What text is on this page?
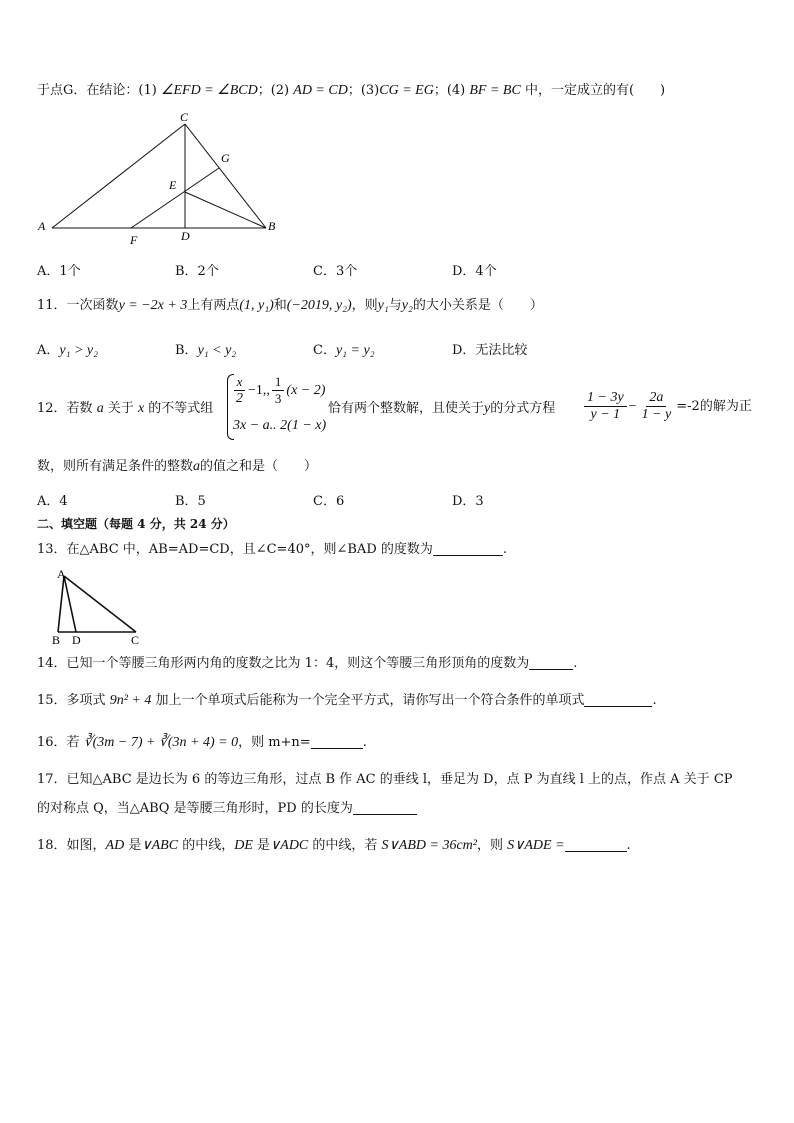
于点G．在结论：(1) ∠EFD = ∠BCD；(2) AD = CD；(3)CG = EG；(4) BF = BC 中，一定成立的有(　　)
A
C
G
E
B
F	D
A．1个	B．2个	C．3个	D．4个
11．一次函数y = −2x + 3上有两点(1, y₁)和(−2019, y₂)，则y₁与y₂的大小关系是（　　）
A．y₁ > y₂	B．y₁ < y₂	C．y₁ = y₂	D．无法比较
12．若数 a 关于 x 的不等式组
$\frac{x}{2} -1$,, $\frac{1}{3} (x - 2)$
3x − a.. 2(1 − x)
恰有两个整数解，且使关于y的分式方程 $\frac{1 - 3y}{y - 1} - \frac{2a}{1 - y} =-2$的解为正
数，则所有满足条件的整数a的值之和是（　　）
A．4	B．5	C．6	D．3
二、填空题（每题 4 分，共 24 分）
13．在△ABC 中，AB=AD=CD，且∠C=40°，则∠BAD 的度数为	.
A
B D	C
14．已知一个等腰三角形两内角的度数之比为 1：4，则这个等腰三角形顶角的度数为	.
15．多项式 9n² + 4 加上一个单项式后能称为一个完全平方式，请你写出一个符合条件的单项式	.
16．若 ∛(3m − 7) + ∛(3n + 4) = 0，则 m+n=	.
17．已知△ABC 是边长为 6 的等边三角形，过点 B 作 AC 的垂线 l，垂足为 D，点 P 为直线 l 上的点，作点 A 关于 CP
的对称点 Q，当△ABQ 是等腰三角形时，PD 的长度为
18．如图，AD 是∨ABC 的中线，DE 是∨ADC 的中线，若 S∨ABD = 36cm²，则 S∨ADE =	.
